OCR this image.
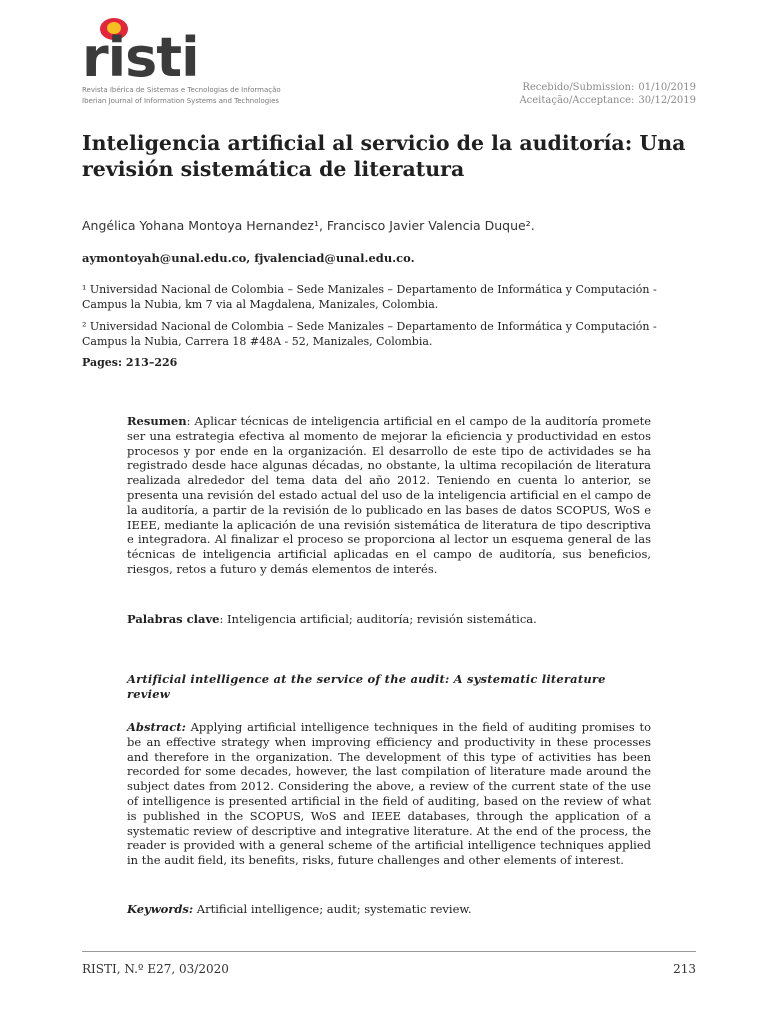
risti
Revista Ibérica de Sistemas e Tecnologias de Informação
Iberian Journal of Information Systems and Technologies
Recebido/Submission: 01/10/2019
Aceitação/Acceptance: 30/12/2019
Inteligencia artificial al servicio de la auditoría: Una revisión sistemática de literatura
Angélica Yohana Montoya Hernandez¹, Francisco Javier Valencia Duque².
aymontoyah@unal.edu.co, fjvalenciad@unal.edu.co.
¹ Universidad Nacional de Colombia – Sede Manizales – Departamento de Informática y Computación -Campus la Nubia, km 7 via al Magdalena, Manizales, Colombia.
² Universidad Nacional de Colombia – Sede Manizales – Departamento de Informática y Computación -Campus la Nubia, Carrera 18 #48A - 52, Manizales, Colombia.
Pages: 213–226
Resumen: Aplicar técnicas de inteligencia artificial en el campo de la auditoría promete ser una estrategia efectiva al momento de mejorar la eficiencia y productividad en estos procesos y por ende en la organización. El desarrollo de este tipo de actividades se ha registrado desde hace algunas décadas, no obstante, la ultima recopilación de literatura realizada alrededor del tema data del año 2012. Teniendo en cuenta lo anterior, se presenta una revisión del estado actual del uso de la inteligencia artificial en el campo de la auditoría, a partir de la revisión de lo publicado en las bases de datos SCOPUS, WoS e IEEE, mediante la aplicación de una revisión sistemática de literatura de tipo descriptiva e integradora. Al finalizar el proceso se proporciona al lector un esquema general de las técnicas de inteligencia artificial aplicadas en el campo de auditoría, sus beneficios, riesgos, retos a futuro y demás elementos de interés.
Palabras clave: Inteligencia artificial; auditoría; revisión sistemática.
Artificial intelligence at the service of the audit: A systematic literature review
Abstract: Applying artificial intelligence techniques in the field of auditing promises to be an effective strategy when improving efficiency and productivity in these processes and therefore in the organization. The development of this type of activities has been recorded for some decades, however, the last compilation of literature made around the subject dates from 2012. Considering the above, a review of the current state of the use of intelligence is presented artificial in the field of auditing, based on the review of what is published in the SCOPUS, WoS and IEEE databases, through the application of a systematic review of descriptive and integrative literature. At the end of the process, the reader is provided with a general scheme of the artificial intelligence techniques applied in the audit field, its benefits, risks, future challenges and other elements of interest.
Keywords: Artificial intelligence; audit; systematic review.
RISTI, N.º E27, 03/2020	213
